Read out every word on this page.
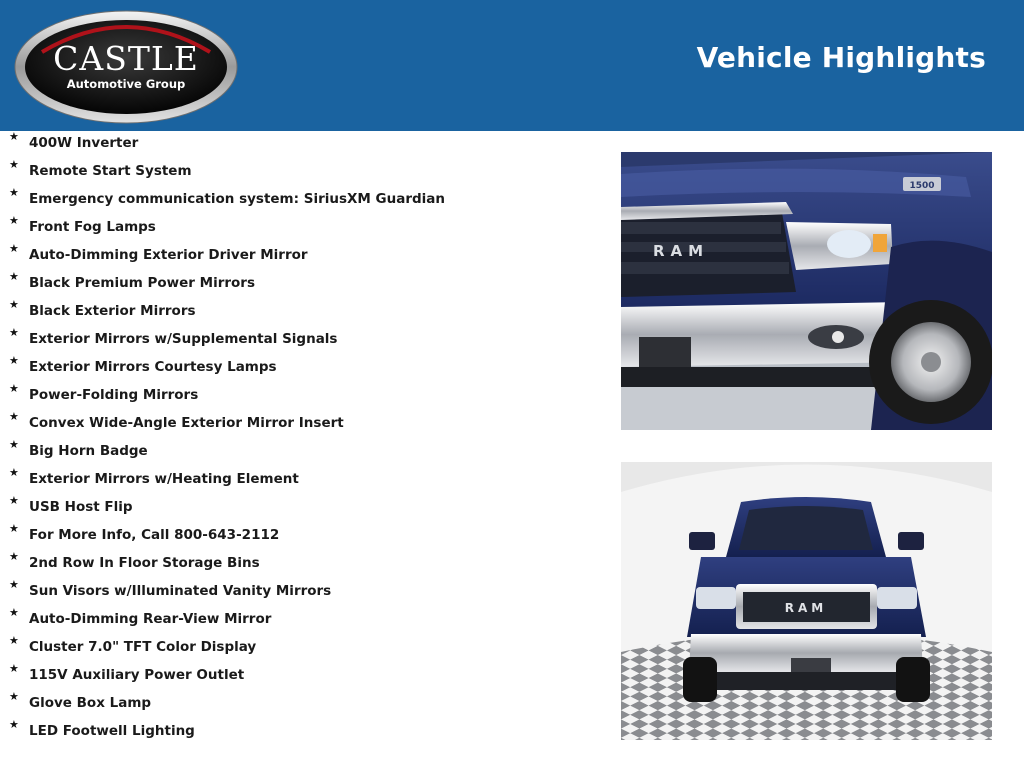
CASTLE
Automotive Group
Vehicle Highlights
★ 400W Inverter
★ Remote Start System
★ Emergency communication system: SiriusXM Guardian
★ Front Fog Lamps
★ Auto-Dimming Exterior Driver Mirror
★ Black Premium Power Mirrors
★ Black Exterior Mirrors
★ Exterior Mirrors w/Supplemental Signals
★ Exterior Mirrors Courtesy Lamps
★ Power-Folding Mirrors
★ Convex Wide-Angle Exterior Mirror Insert
★ Big Horn Badge
★ Exterior Mirrors w/Heating Element
★ USB Host Flip
★ For More Info, Call 800-643-2112
★ 2nd Row In Floor Storage Bins
★ Sun Visors w/Illuminated Vanity Mirrors
★ Auto-Dimming Rear-View Mirror
★ Cluster 7.0" TFT Color Display
★ 115V Auxiliary Power Outlet
★ Glove Box Lamp
★ LED Footwell Lighting
RAM
1500
RAM
